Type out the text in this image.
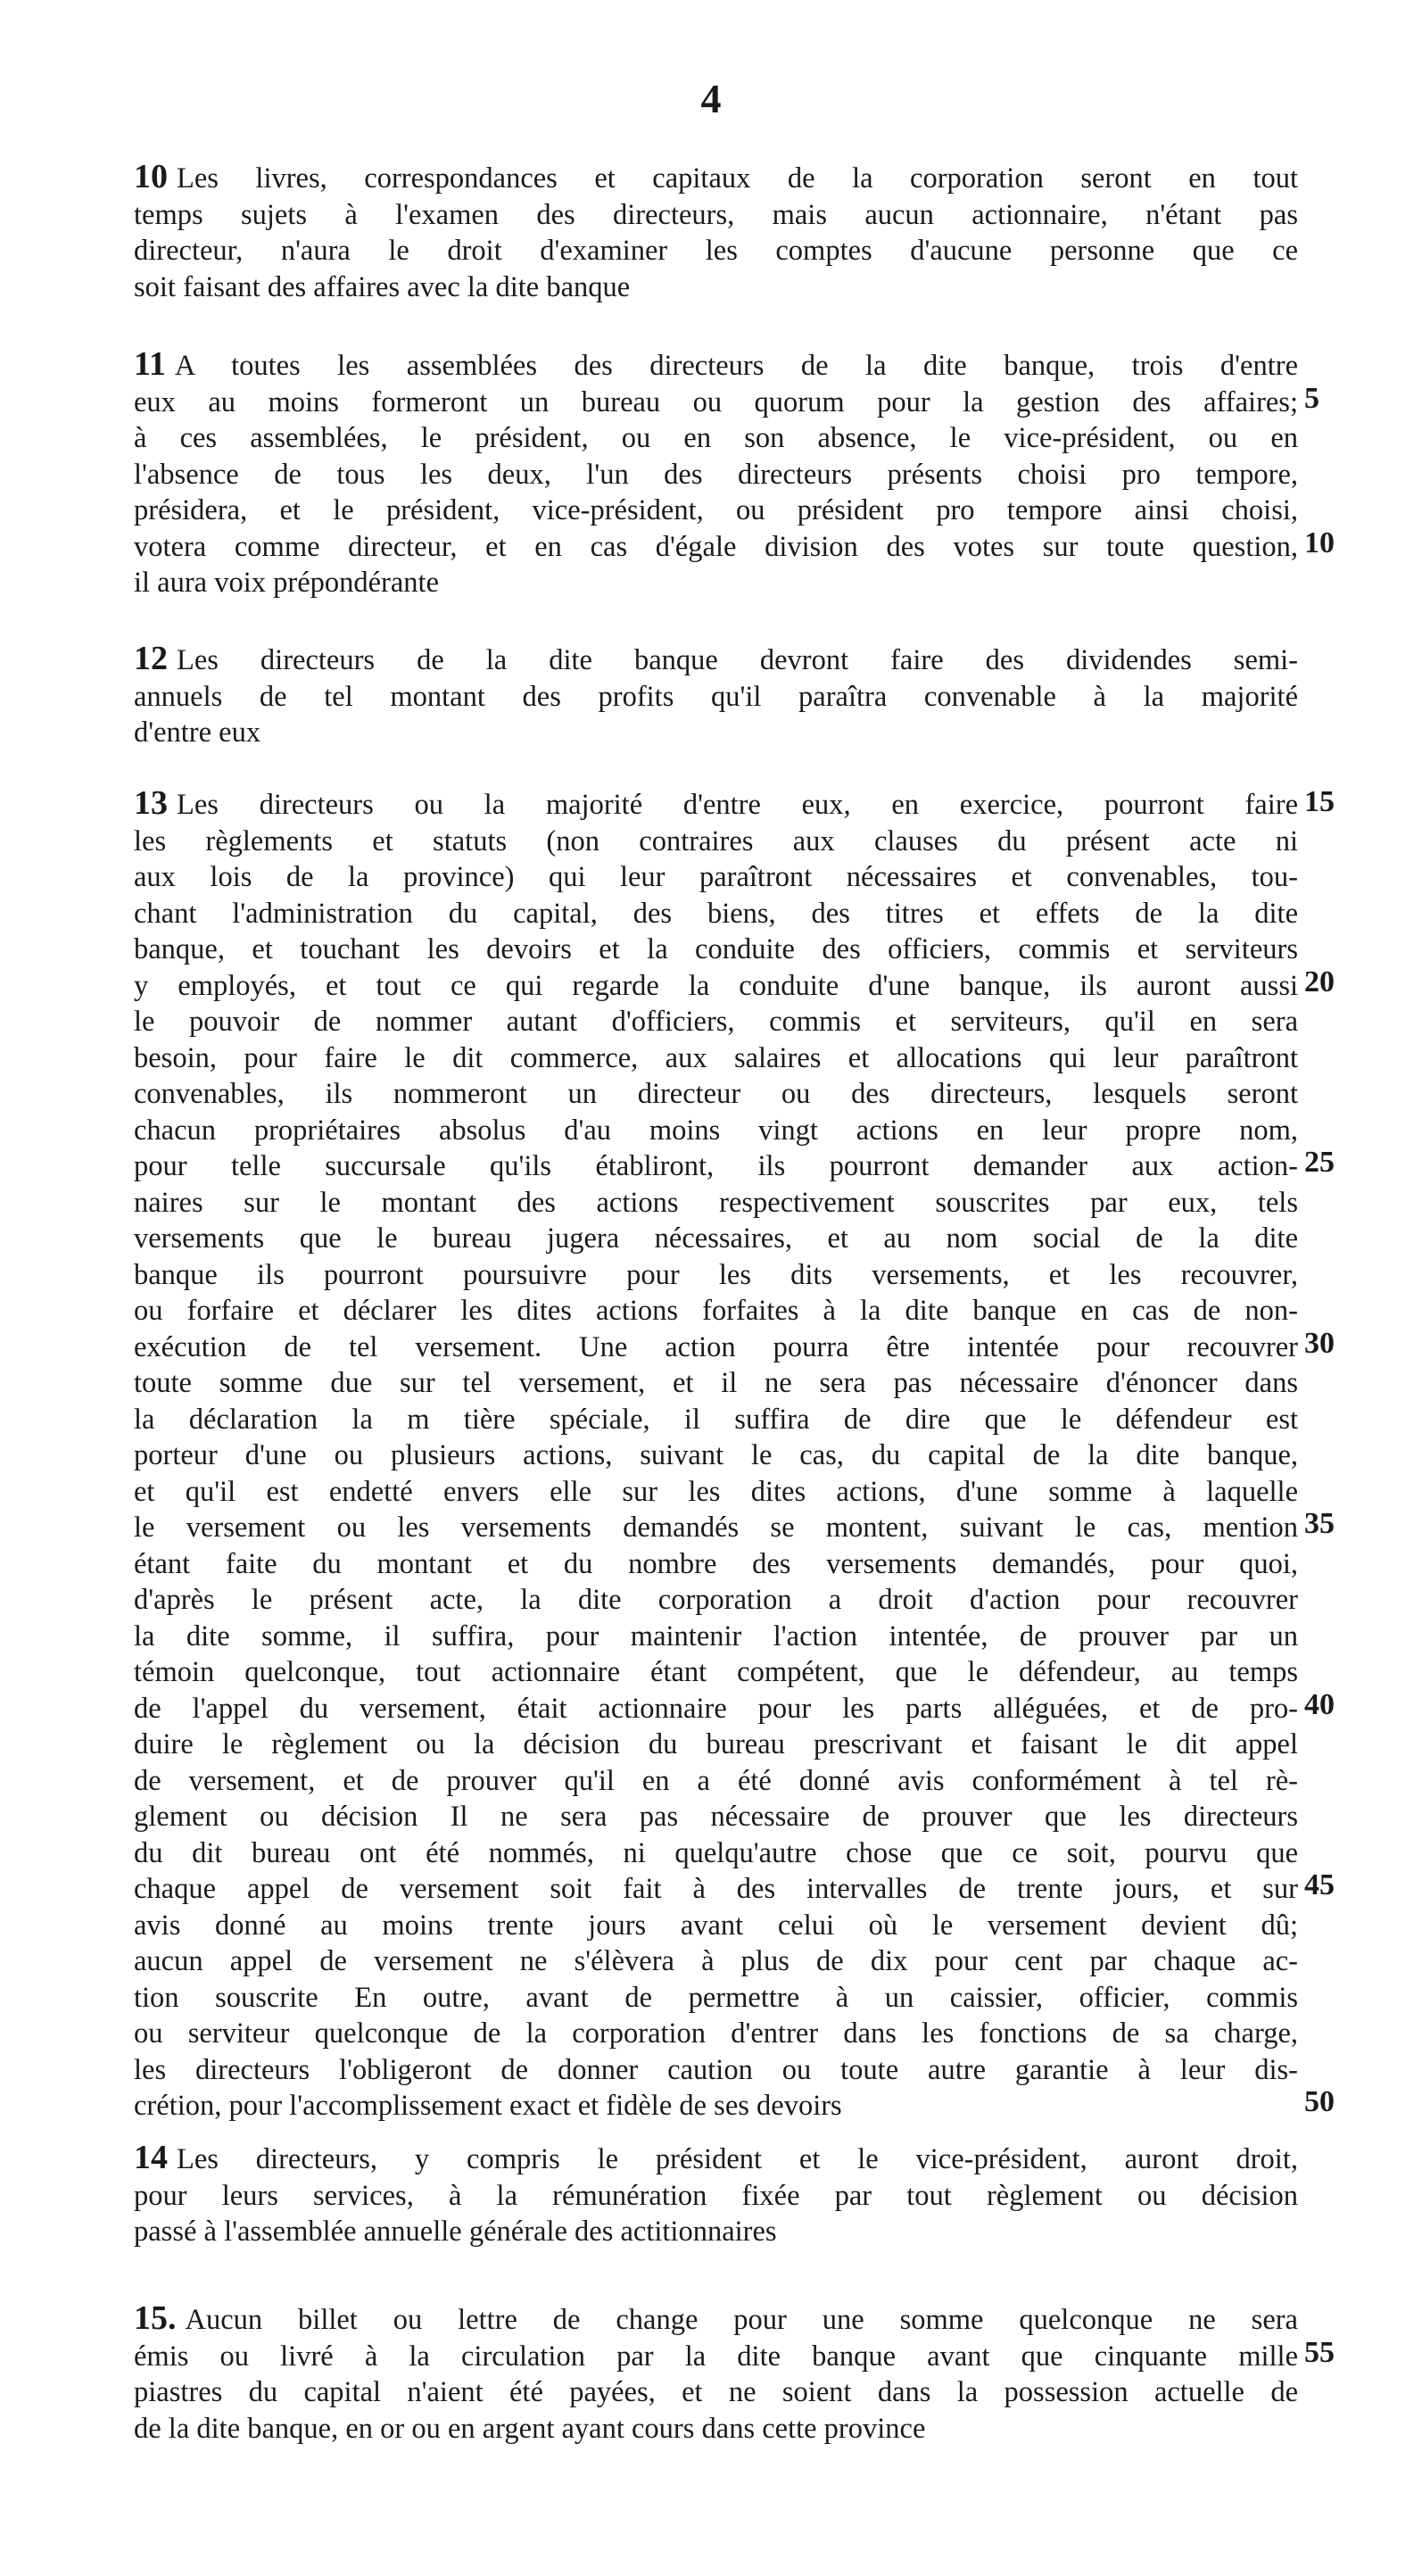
4
10 Les livres, correspondances et capitaux de la corporation seront en tout
temps sujets à l'examen des directeurs, mais aucun actionnaire, n'étant pas
directeur, n'aura le droit d'examiner les comptes d'aucune personne que ce
soit faisant des affaires avec la dite banque
11 A toutes les assemblées des directeurs de la dite banque, trois d'entre
eux au moins formeront un bureau ou quorum pour la gestion des affaires;
à ces assemblées, le président, ou en son absence, le vice-président, ou en
l'absence de tous les deux, l'un des directeurs présents choisi pro tempore,
présidera, et le président, vice-président, ou président pro tempore ainsi choisi,
votera comme directeur, et en cas d'égale division des votes sur toute question,
il aura voix prépondérante
12 Les directeurs de la dite banque devront faire des dividendes semi-
annuels de tel montant des profits qu'il paraîtra convenable à la majorité
d'entre eux
13 Les directeurs ou la majorité d'entre eux, en exercice, pourront faire
les règlements et statuts (non contraires aux clauses du présent acte ni
aux lois de la province) qui leur paraîtront nécessaires et convenables, tou-
chant l'administration du capital, des biens, des titres et effets de la dite
banque, et touchant les devoirs et la conduite des officiers, commis et serviteurs
y employés, et tout ce qui regarde la conduite d'une banque, ils auront aussi
le pouvoir de nommer autant d'officiers, commis et serviteurs, qu'il en sera
besoin, pour faire le dit commerce, aux salaires et allocations qui leur paraîtront
convenables, ils nommeront un directeur ou des directeurs, lesquels seront
chacun propriétaires absolus d'au moins vingt actions en leur propre nom,
pour telle succursale qu'ils établiront, ils pourront demander aux action-
naires sur le montant des actions respectivement souscrites par eux, tels
versements que le bureau jugera nécessaires, et au nom social de la dite
banque ils pourront poursuivre pour les dits versements, et les recouvrer,
ou forfaire et déclarer les dites actions forfaites à la dite banque en cas de non-
exécution de tel versement. Une action pourra être intentée pour recouvrer
toute somme due sur tel versement, et il ne sera pas nécessaire d'énoncer dans
la déclaration la m tière spéciale, il suffira de dire que le défendeur est
porteur d'une ou plusieurs actions, suivant le cas, du capital de la dite banque,
et qu'il est endetté envers elle sur les dites actions, d'une somme à laquelle
le versement ou les versements demandés se montent, suivant le cas, mention
étant faite du montant et du nombre des versements demandés, pour quoi,
d'après le présent acte, la dite corporation a droit d'action pour recouvrer
la dite somme, il suffira, pour maintenir l'action intentée, de prouver par un
témoin quelconque, tout actionnaire étant compétent, que le défendeur, au temps
de l'appel du versement, était actionnaire pour les parts alléguées, et de pro-
duire le règlement ou la décision du bureau prescrivant et faisant le dit appel
de versement, et de prouver qu'il en a été donné avis conformément à tel rè-
glement ou décision Il ne sera pas nécessaire de prouver que les directeurs
du dit bureau ont été nommés, ni quelqu'autre chose que ce soit, pourvu que
chaque appel de versement soit fait à des intervalles de trente jours, et sur
avis donné au moins trente jours avant celui où le versement devient dû;
aucun appel de versement ne s'élèvera à plus de dix pour cent par chaque ac-
tion souscrite En outre, avant de permettre à un caissier, officier, commis
ou serviteur quelconque de la corporation d'entrer dans les fonctions de sa charge,
les directeurs l'obligeront de donner caution ou toute autre garantie à leur dis-
crétion, pour l'accomplissement exact et fidèle de ses devoirs
14 Les directeurs, y compris le président et le vice-président, auront droit,
pour leurs services, à la rémunération fixée par tout règlement ou décision
passé à l'assemblée annuelle générale des actitionnaires
15. Aucun billet ou lettre de change pour une somme quelconque ne sera
émis ou livré à la circulation par la dite banque avant que cinquante mille
piastres du capital n'aient été payées, et ne soient dans la possession actuelle de
de la dite banque, en or ou en argent ayant cours dans cette province
5
10
15
20
25
30
35
40
45
50
55
